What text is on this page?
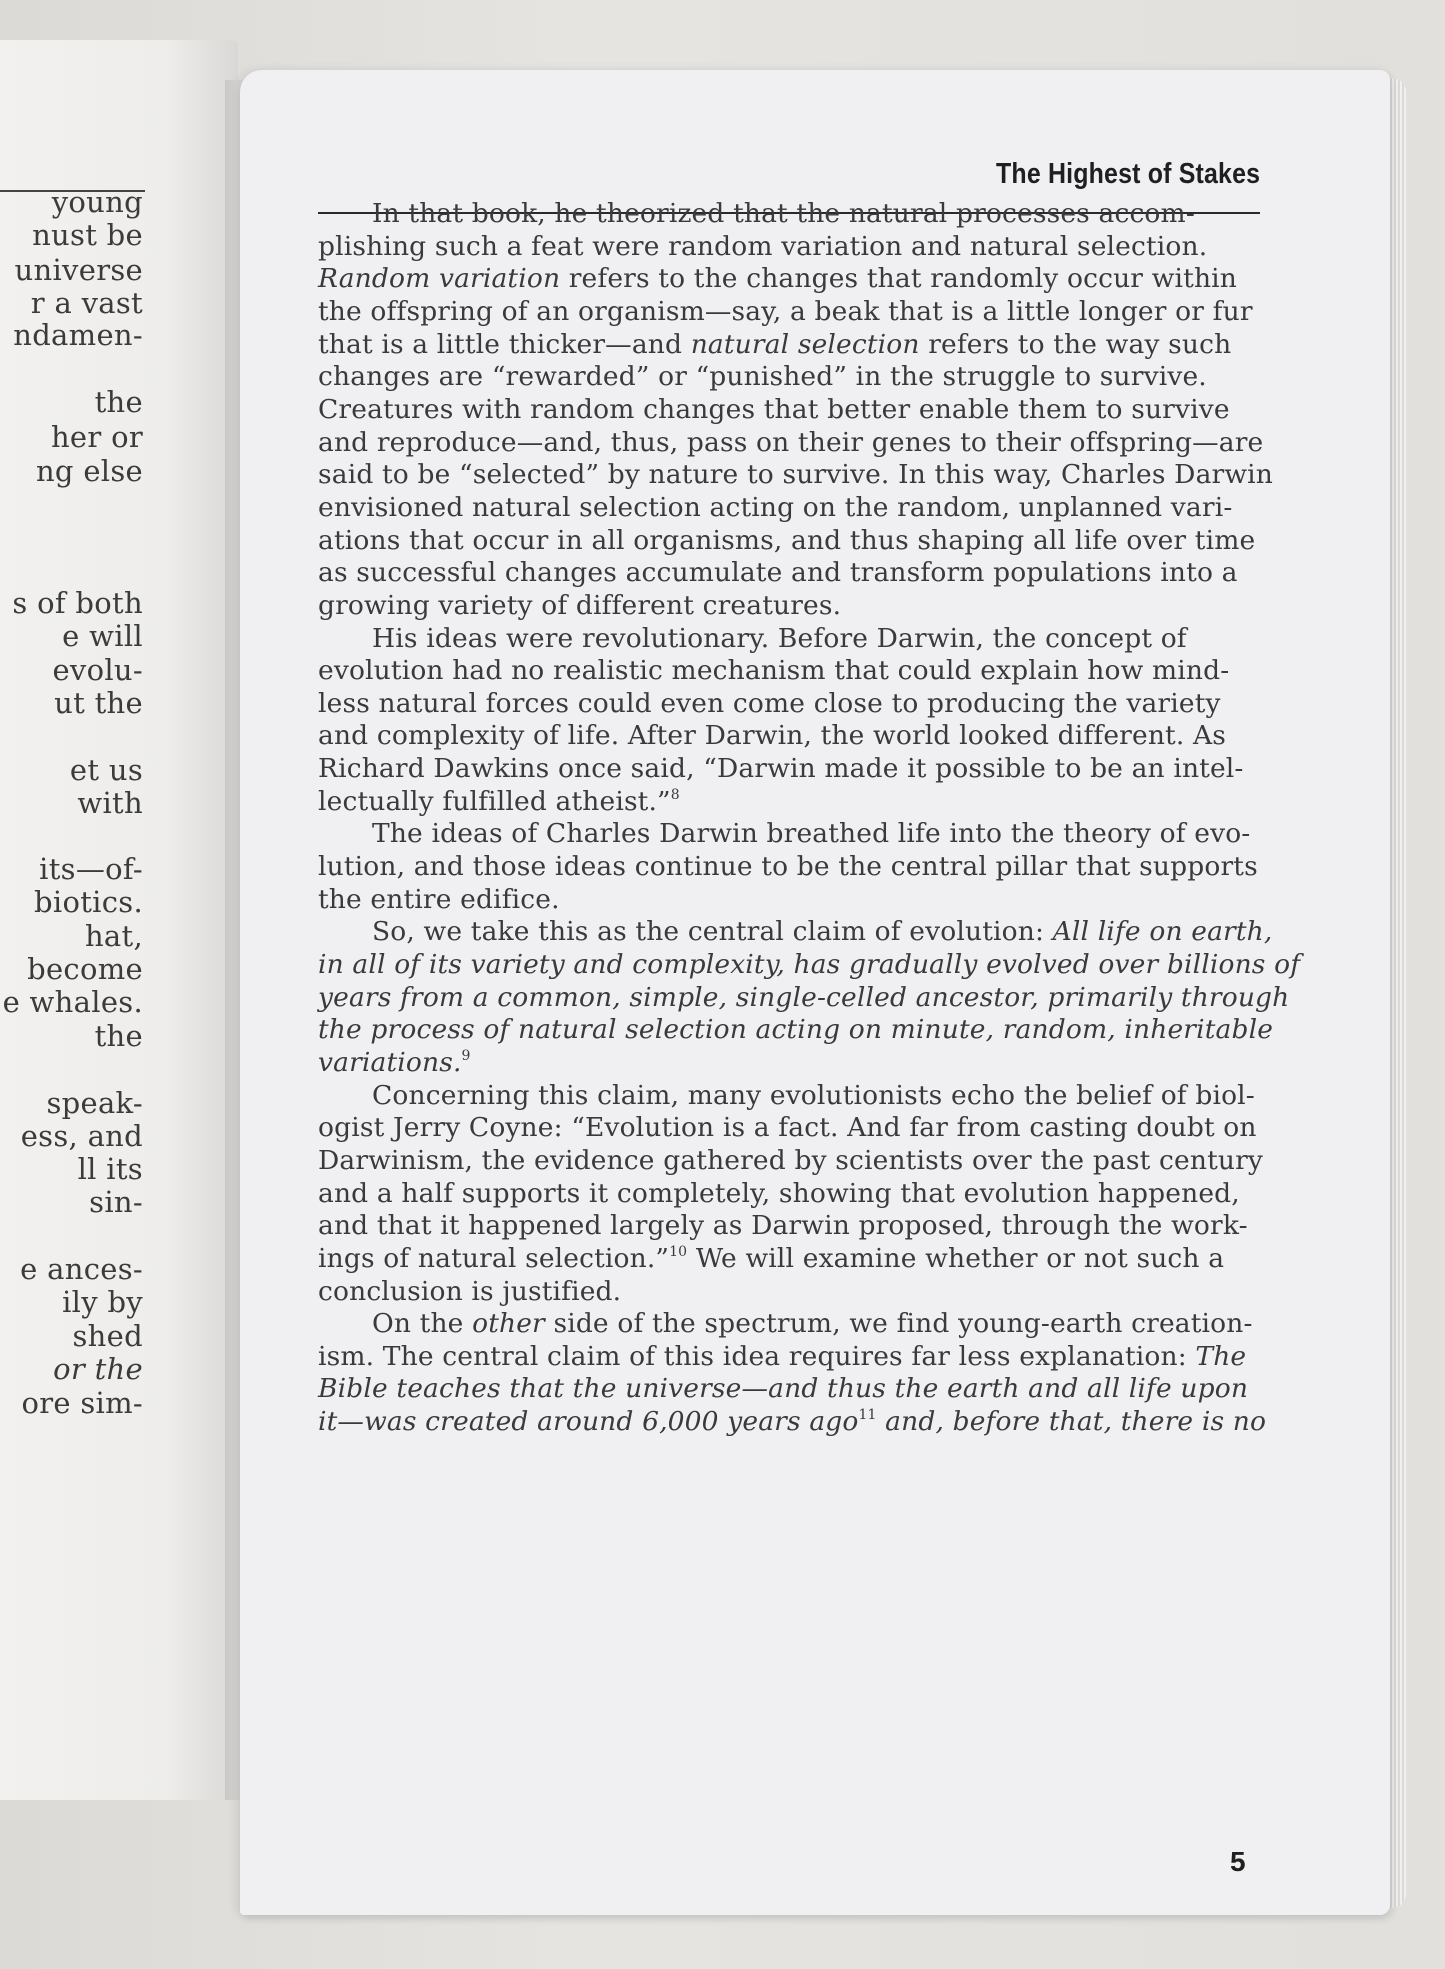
young
nust be
universe
r a vast
ndamen-
the
her or
ng else
s of both
e will
evolu-
ut the
et us
with
its—of-
biotics.
hat,
become
e whales.
the
speak-
ess, and
ll its
sin-
e ances-
ily by
shed
or the
ore sim-
The Highest of Stakes
In that book, he theorized that the natural processes accom-
plishing such a feat were random variation and natural selection.
Random variation refers to the changes that randomly occur within
the offspring of an organism—say, a beak that is a little longer or fur
that is a little thicker—and natural selection refers to the way such
changes are “rewarded” or “punished” in the struggle to survive.
Creatures with random changes that better enable them to survive
and reproduce—and, thus, pass on their genes to their offspring—are
said to be “selected” by nature to survive. In this way, Charles Darwin
envisioned natural selection acting on the random, unplanned vari-
ations that occur in all organisms, and thus shaping all life over time
as successful changes accumulate and transform populations into a
growing variety of different creatures.
His ideas were revolutionary. Before Darwin, the concept of
evolution had no realistic mechanism that could explain how mind-
less natural forces could even come close to producing the variety
and complexity of life. After Darwin, the world looked different. As
Richard Dawkins once said, “Darwin made it possible to be an intel-
lectually fulfilled atheist.”$^8$
The ideas of Charles Darwin breathed life into the theory of evo-
lution, and those ideas continue to be the central pillar that supports
the entire edifice.
So, we take this as the central claim of evolution: All life on earth,
in all of its variety and complexity, has gradually evolved over billions of
years from a common, simple, single-celled ancestor, primarily through
the process of natural selection acting on minute, random, inheritable
variations.$^9$
Concerning this claim, many evolutionists echo the belief of biol-
ogist Jerry Coyne: “Evolution is a fact. And far from casting doubt on
Darwinism, the evidence gathered by scientists over the past century
and a half supports it completely, showing that evolution happened,
and that it happened largely as Darwin proposed, through the work-
ings of natural selection.”$^{10}$ We will examine whether or not such a
conclusion is justified.
On the other side of the spectrum, we find young-earth creation-
ism. The central claim of this idea requires far less explanation: The
Bible teaches that the universe—and thus the earth and all life upon
it—was created around 6,000 years ago$^{11}$ and, before that, there is no
5
